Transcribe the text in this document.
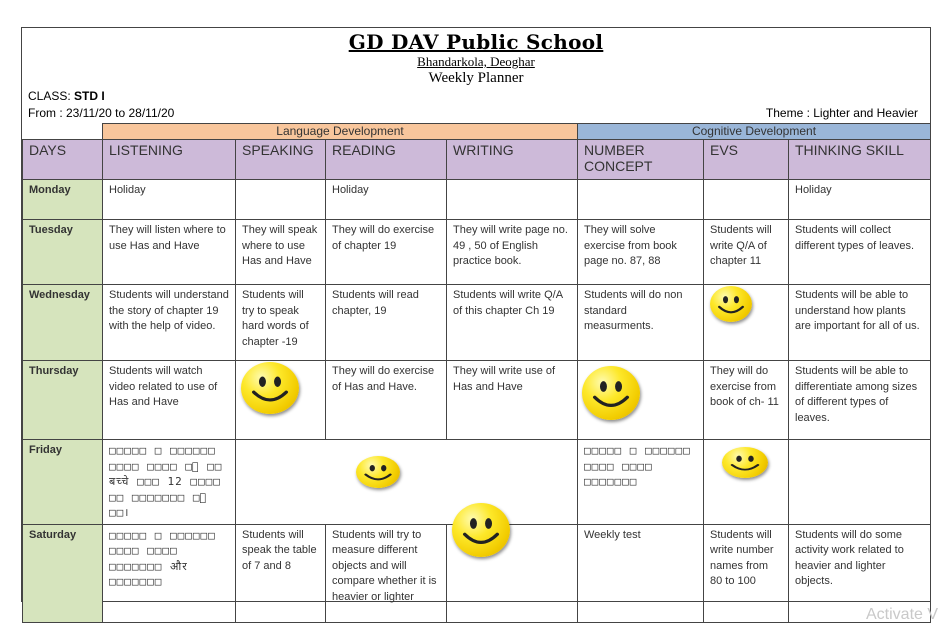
GD DAV Public School
Bhandarkola, Deoghar
Weekly Planner
CLASS: STD I
From : 23/11/20 to 28/11/20	Theme : Lighter and Heavier
	Language Development				Cognitive Development		
DAYS	LISTENING	SPEAKING	READING	WRITING	NUMBER CONCEPT	EVS	THINKING SKILL
Monday	Holiday		Holiday				Holiday
Tuesday	They will listen where to use Has and Have	They will speak where to use Has and Have	They will do exercise of chapter 19	They will write page no. 49 , 50 of English practice book.	They will solve exercise from book page no. 87, 88	Students will write Q/A of chapter 11	Students will collect different types of leaves.
Wednesday	Students will understand the story of chapter 19 with the help of video.	Students will try to speak hard words of chapter -19	Students will read chapter, 19	Students will write Q/A of this chapter Ch 19	Students will do non standard measurments.		Students will be able to understand how plants are important for all of us.
Thursday	Students will watch video related to use of Has and Have		They will do exercise of Has and Have.	They will write use of Has and Have		They will do exercise from book of ch- 11	Students will be able to differentiate among sizes of different types of leaves.
Friday	□□□□□ □ □□□□□□ □□□□ □□□□ □े □□ बच्चे □□□ 12 □□□□ □□ □□□□□□□ □े □□।				□□□□□ □ □□□□□□ □□□□ □□□□ □□□□□□□		
Saturday	□□□□□ □ □□□□□□ □□□□ □□□□ □□□□□□□ और □□□□□□□	Students will speak the table of 7 and 8	Students will try to measure different objects and will compare whether it is heavier or lighter		Weekly test	Students will write number names from 80 to 100	Students will do some activity work related to heavier and lighter objects.
Activate V
